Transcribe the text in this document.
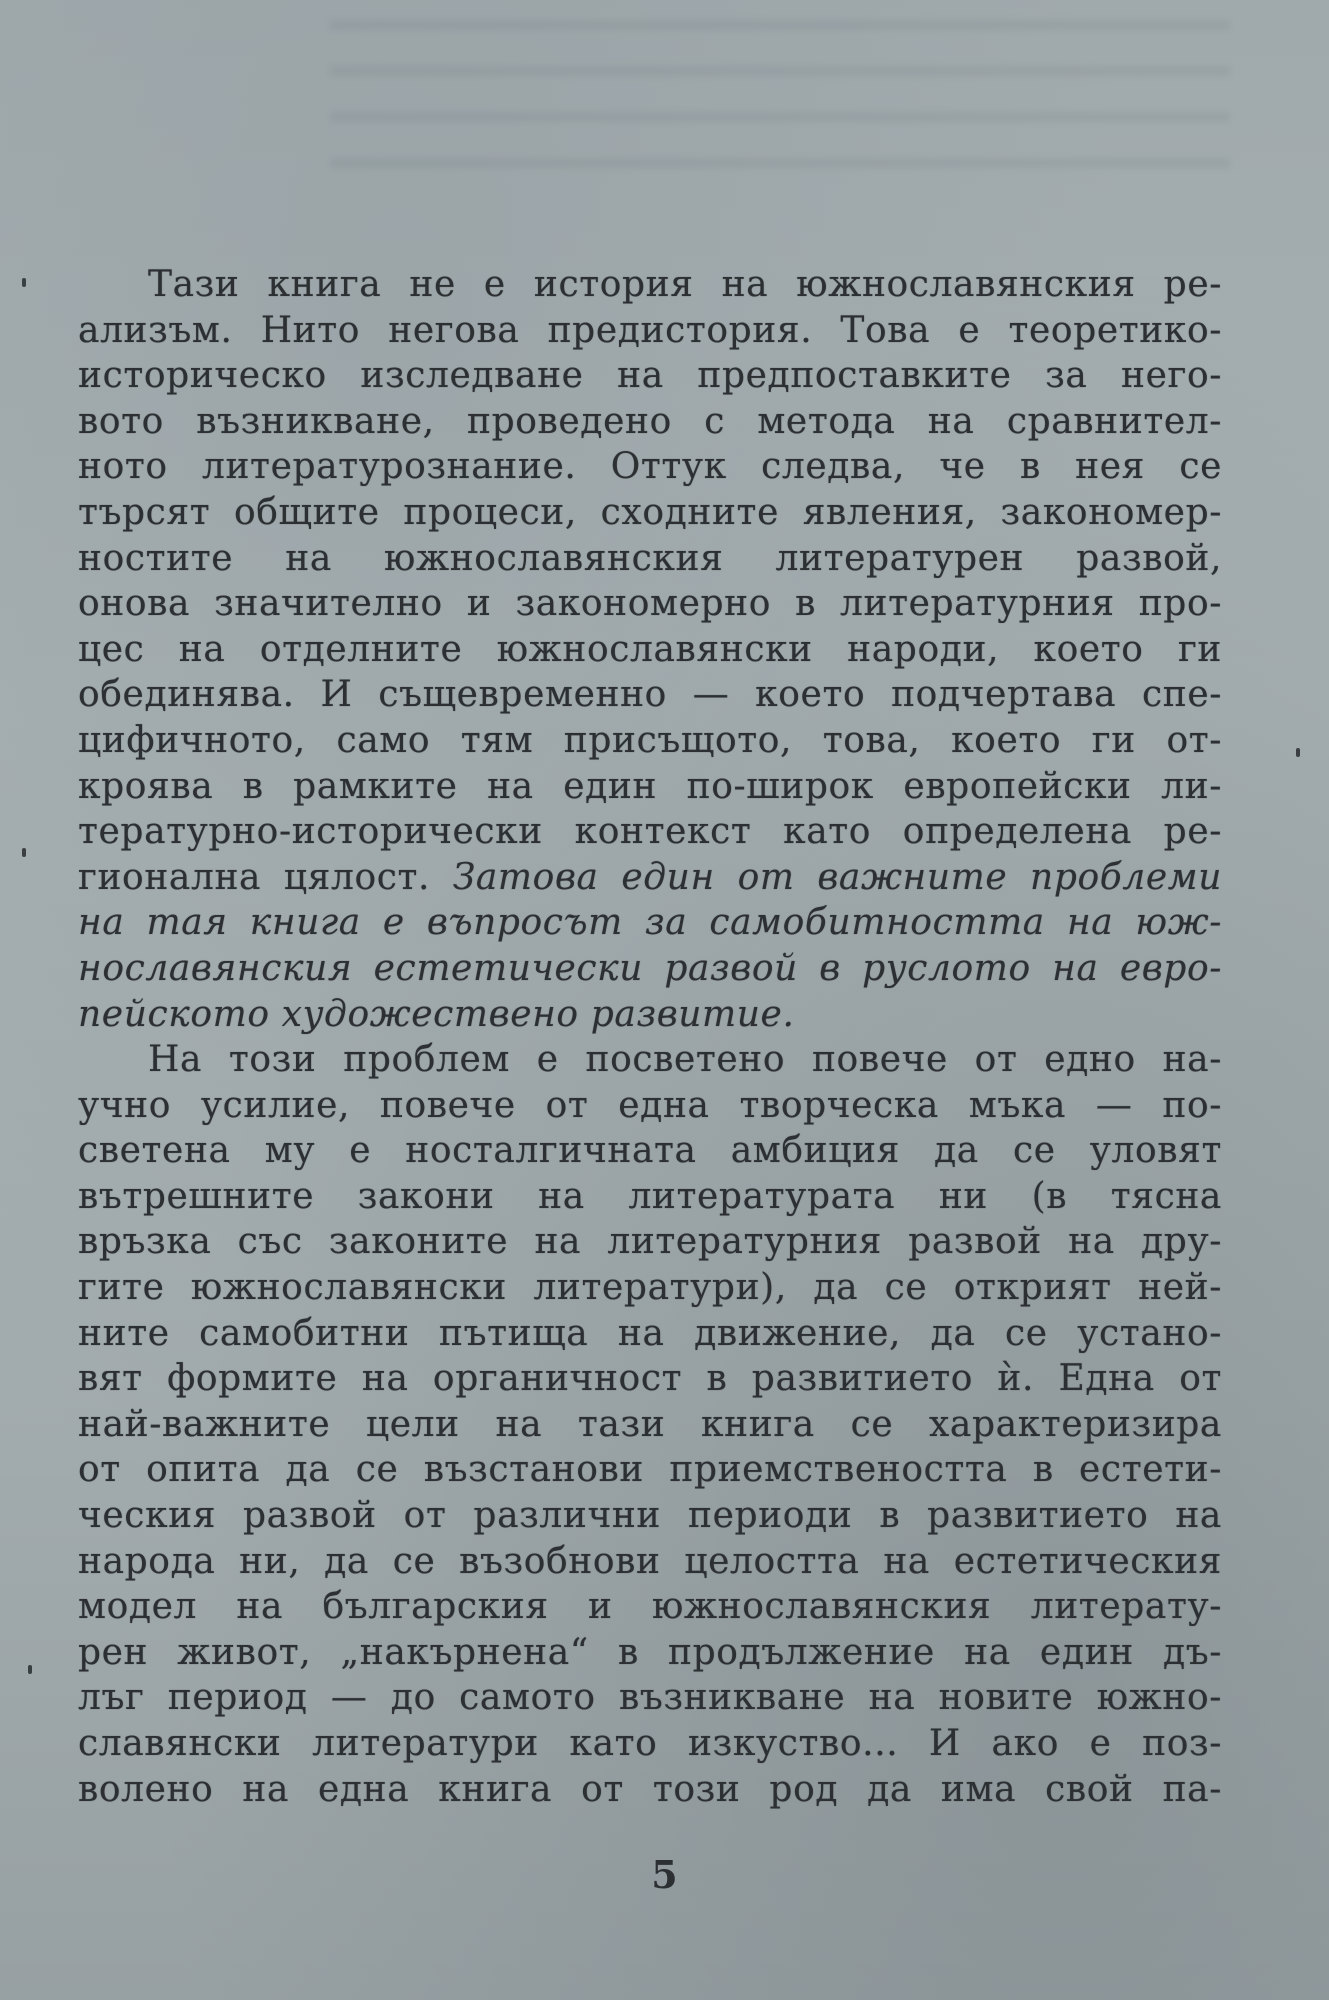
Тази книга не е история на южнославянския ре-
ализъм. Нито негова предистория. Това е теоретико-
историческо изследване на предпоставките за него-
вото възникване, проведено с метода на сравнител-
ното литературознание. Оттук следва, че в нея се
търсят общите процеси, сходните явления, закономер-
ностите на южнославянския литературен развой,
онова значително и закономерно в литературния про-
цес на отделните южнославянски народи, което ги
обединява. И същевременно — което подчертава спе-
цифичното, само тям присъщото, това, което ги от-
кроява в рамките на един по-широк европейски ли-
тературно-исторически контекст като определена ре-
гионална цялост. Затова един от важните проблеми
на тая книга е въпросът за самобитността на юж-
нославянския естетически развой в руслото на евро-
пейското художествено развитие.
На този проблем е посветено повече от едно на-
учно усилие, повече от една творческа мъка — по-
светена му е носталгичната амбиция да се уловят
вътрешните закони на литературата ни (в тясна
връзка със законите на литературния развой на дру-
гите южнославянски литератури), да се открият ней-
ните самобитни пътища на движение, да се устано-
вят формите на органичност в развитието ѝ. Една от
най-важните цели на тази книга се характеризира
от опита да се възстанови приемствеността в естети-
ческия развой от различни периоди в развитието на
народа ни, да се възобнови целостта на естетическия
модел на българския и южнославянския литерату-
рен живот, „накърнена“ в продължение на един дъ-
лъг период — до самото възникване на новите южно-
славянски литератури като изкуство... И ако е поз-
волено на една книга от този род да има свой па-
5
